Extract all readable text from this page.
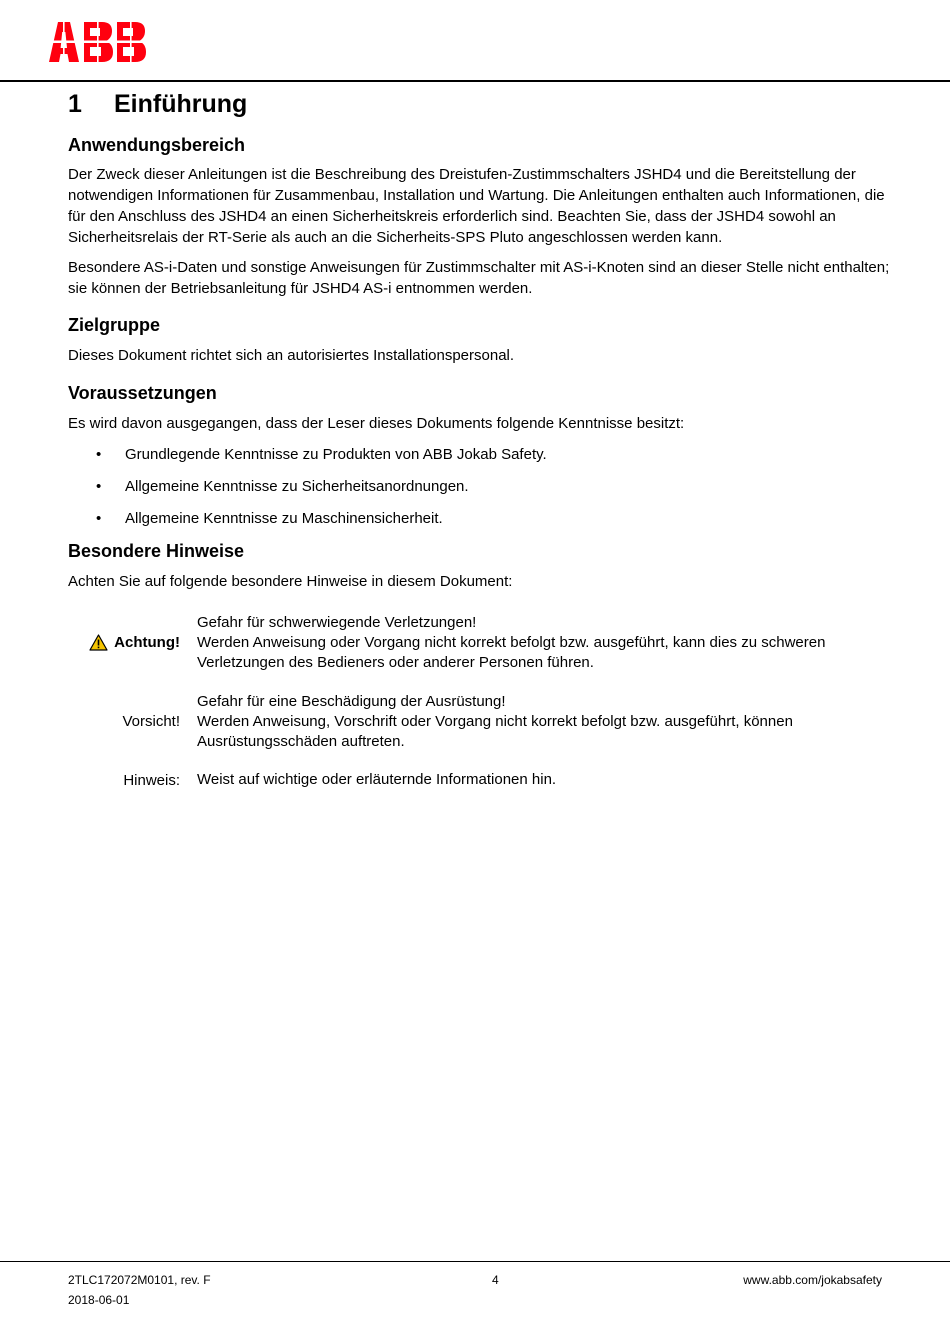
1	Einführung
Anwendungsbereich

Der Zweck dieser Anleitungen ist die Beschreibung des Dreistufen-Zustimmschalters JSHD4 und die Bereitstellung der notwendigen Informationen für Zusammenbau, Installation und Wartung. Die Anleitungen enthalten auch Informationen, die für den Anschluss des JSHD4 an einen Sicherheitskreis erforderlich sind. Beachten Sie, dass der JSHD4 sowohl an Sicherheitsrelais der RT-Serie als auch an die Sicherheits-SPS Pluto angeschlossen werden kann.

Besondere AS-i-Daten und sonstige Anweisungen für Zustimmschalter mit AS-i-Knoten sind an dieser Stelle nicht enthalten; sie können der Betriebsanleitung für JSHD4 AS-i entnommen werden.

Zielgruppe

Dieses Dokument richtet sich an autorisiertes Installationspersonal.

Voraussetzungen

Es wird davon ausgegangen, dass der Leser dieses Dokuments folgende Kenntnisse besitzt:

• Grundlegende Kenntnisse zu Produkten von ABB Jokab Safety.
• Allgemeine Kenntnisse zu Sicherheitsanordnungen.
• Allgemeine Kenntnisse zu Maschinensicherheit.
Besondere Hinweise

Achten Sie auf folgende besondere Hinweise in diesem Dokument:

Achtung!
Gefahr für schwerwiegende Verletzungen!
Werden Anweisung oder Vorgang nicht korrekt befolgt bzw. ausgeführt, kann dies zu schweren Verletzungen des Bedieners oder anderer Personen führen.
Vorsicht!
Gefahr für eine Beschädigung der Ausrüstung!
Werden Anweisung, Vorschrift oder Vorgang nicht korrekt befolgt bzw. ausgeführt, können Ausrüstungsschäden auftreten.
Hinweis: Weist auf wichtige oder erläuternde Informationen hin.
2TLC172072M0101, rev. F
2018-06-01
4	www.abb.com/jokabsafety
